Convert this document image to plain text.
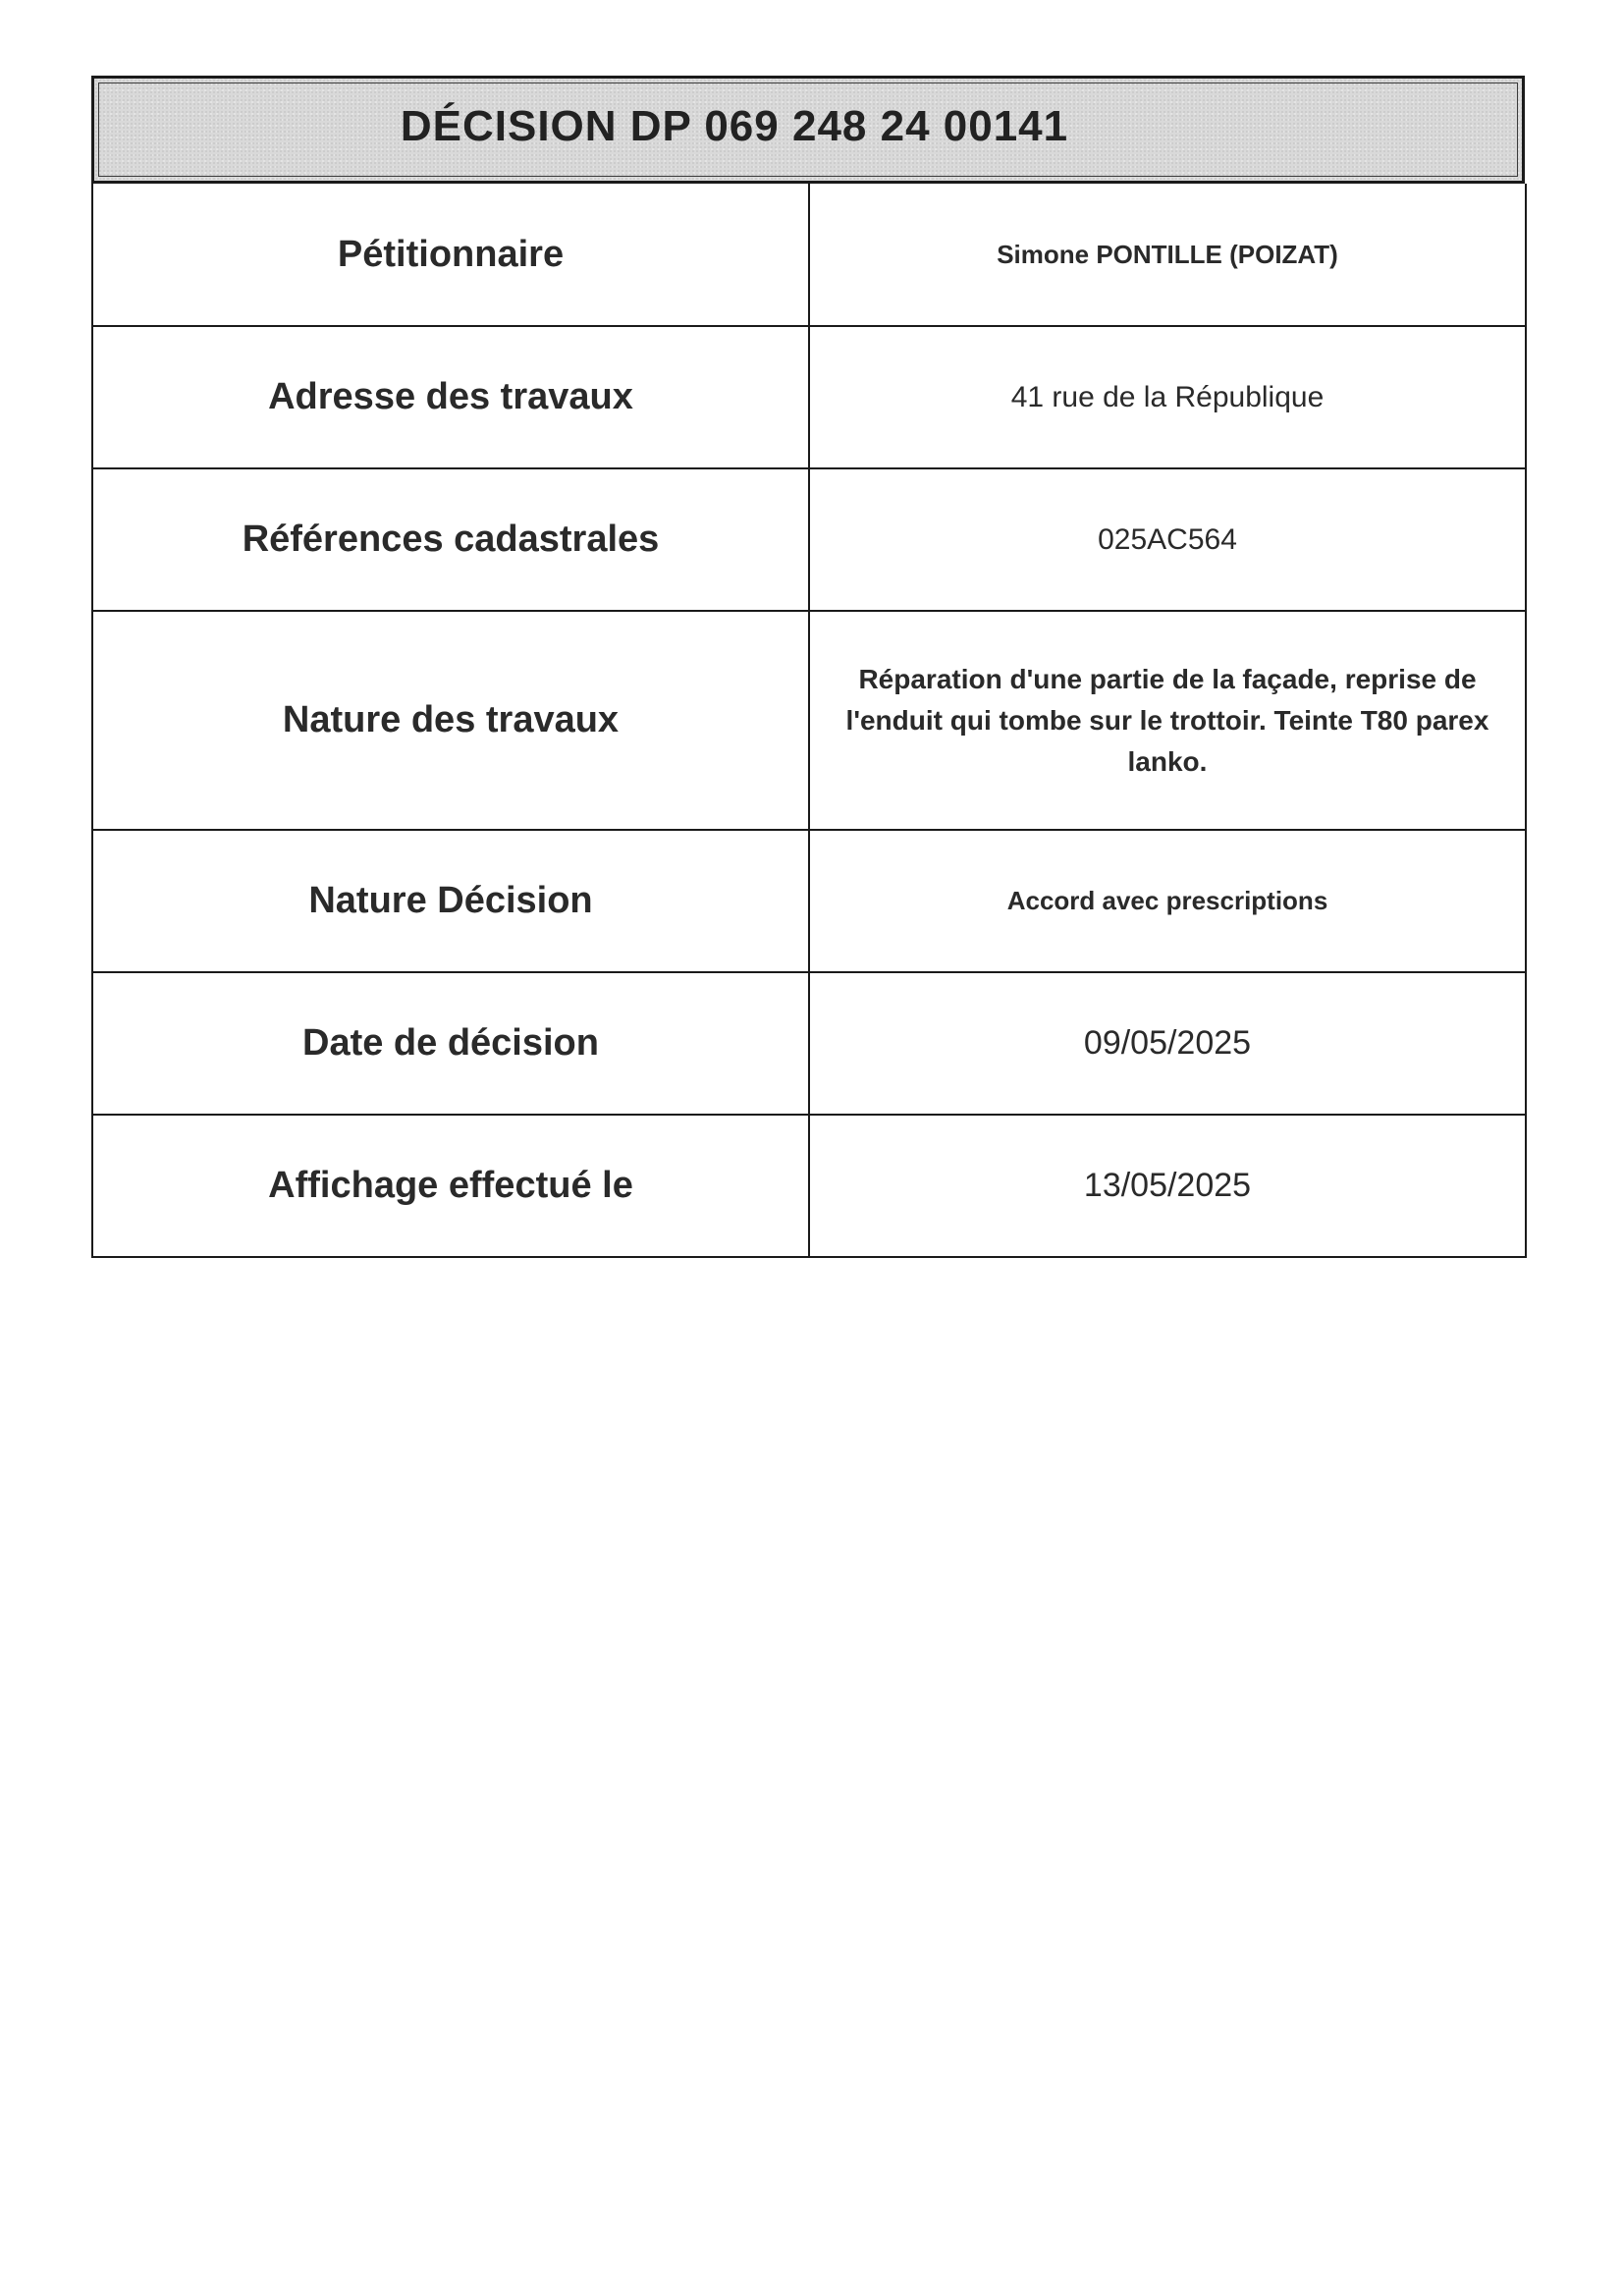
DÉCISION DP 069 248 24 00141
Pétitionnaire	Simone PONTILLE (POIZAT)
Adresse des travaux	41 rue de la République
Références cadastrales	025AC564
Nature des travaux	Réparation d'une partie de la façade, reprise de l'enduit qui tombe sur le trottoir. Teinte T80 parex lanko.
Nature Décision	Accord avec prescriptions
Date de décision	09/05/2025
Affichage effectué le	13/05/2025
